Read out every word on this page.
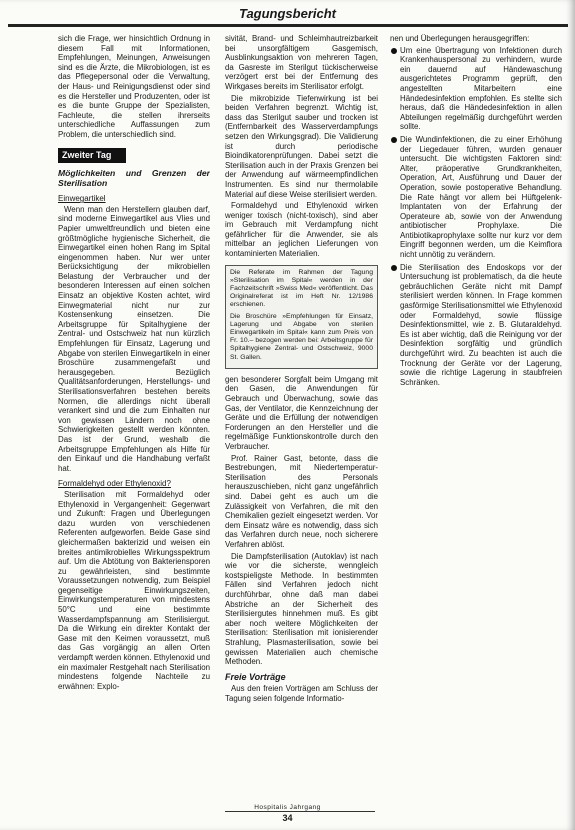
Tagungsbericht

sich die Frage, wer hinsichtlich Ordnung in diesem Fall mit Informationen, Empfehlungen, Meinungen, Anweisungen sind es die Ärzte, die Mikrobiologen, ist es das Pflegepersonal oder die Verwaltung, der Haus- und Reinigungsdienst oder sind es die Hersteller und Produzenten, oder ist es die bunte Gruppe der Spezialisten, Fachleute, die stellen ihrerseits unterschiedliche Auffassungen zum Problem, die unterschiedlich sind.

Zweiter Tag
Möglichkeiten und Grenzen der Sterilisation
Einwegartikel

Wenn man den Herstellern glauben darf, sind moderne Einwegartikel aus Vlies und Papier umweltfreundlich und bieten eine größtmögliche hygienische Sicherheit, die Einwegartikel einen hohen Rang im Spital eingenommen haben. Nur wer unter Berücksichtigung der mikrobiellen Belastung der Verbraucher und der besonderen Interessen auf einen solchen Einsatz an objektive Kosten achtet, wird Einwegmaterial nicht nur zur Kostensenkung einsetzen. Die Arbeitsgruppe für Spitalhygiene der Zentral- und Ostschweiz hat nun kürzlich Empfehlungen für Einsatz, Lagerung und Abgabe von sterilen Einwegartikeln in einer Broschüre zusammengefaßt und herausgegeben. Bezüglich Qualitätsanforderungen, Herstellungs- und Sterilisationsverfahren bestehen bereits Normen, die allerdings nicht überall verankert sind und die zum Einhalten nur von gewissen Ländern noch ohne Schwierigkeiten gestellt werden könnten. Das ist der Grund, weshalb die Arbeitsgruppe Empfehlungen als Hilfe für den Einkauf und die Handhabung verfaßt hat.

Formaldehyd oder Ethylenoxid?

Sterilisation mit Formaldehyd oder Ethylenoxid in Vergangenheit: Gegenwart und Zukunft: Fragen und Überlegungen dazu wurden von verschiedenen Referenten aufgeworfen. Beide Gase sind gleichermaßen bakterizid und weisen ein breites antimikrobielles Wirkungsspektrum auf. Um die Abtötung von Bakteriensporen zu gewährleisten, sind bestimmte Voraussetzungen notwendig, zum Beispiel gegenseitige Einwirkungszeiten, Einwirkungstemperaturen von mindestens 50°C und eine bestimmte Wasserdampfspannung am Sterilisiergut. Da die Wirkung ein direkter Kontakt der Gase mit den Keimen voraussetzt, muß das Gas vorgängig an allen Orten verdampft werden können. Ethylenoxid und ein maximaler Restgehalt nach Sterilisation mindestens folgende Nachteile zu erwähnen: Explo-

sivität, Brand- und Schleimhautreizbarkeit bei unsorgfältigem Gasgemisch, Ausblinkungsaktion von mehreren Tagen, da Gasreste im Sterilgut tückischerweise verzögert erst bei der Entfernung des Wirkgases bereits im Sterilisator erfolgt.

Die mikrobizide Tiefenwirkung ist bei beiden Verfahren begrenzt. Wichtig ist, dass das Sterilgut sauber und trocken ist (Entfernbarkeit des Wasserverdampfungs setzen den Wirkungsgrad). Die Validierung ist durch periodische Bioindikatorenprüfungen. Dabei setzt die Sterilisation auch in der Praxis Grenzen bei der Anwendung auf wärmeempfindlichen Instrumenten. Es sind nur thermolabile Material auf diese Weise sterilisiert werden.

Formaldehyd und Ethylenoxid wirken weniger toxisch (nicht-toxisch), sind aber im Gebrauch mit Verdampfung nicht gefährlicher für die Anwender, sie als mittelbar an jeglichen Lieferungen von kontaminierten Materialien.

Die Referate im Rahmen der Tagung »Sterilisation im Spital« werden in der Fachzeitschrift »Swiss Med« veröffentlicht. Das Originalreferat ist im Heft Nr. 12/1986 erschienen.

Die Broschüre »Empfehlungen für Einsatz, Lagerung und Abgabe von sterilen Einwegartikeln im Spital« kann zum Preis von Fr. 10.– bezogen werden bei: Arbeitsgruppe für Spitalhygiene Zentral- und Ostschweiz, 9000 St. Gallen.

gen besonderer Sorgfalt beim Umgang mit den Gasen, die Anwendungen für Gebrauch und Überwachung, sowie das Gas, der Ventilator, die Kennzeichnung der Geräte und die Erfüllung der notwendigen Forderungen an den Hersteller und die regelmäßige Funktionskontrolle durch den Verbraucher.

Prof. Rainer Gast, betonte, dass die Bestrebungen, mit Niedertemperatur-Sterilisation des Personals herauszuschieben, nicht ganz ungefährlich sind. Dabei geht es auch um die Zulässigkeit von Verfahren, die mit den Chemikalien gezielt eingesetzt werden. Vor dem Einsatz wäre es notwendig, dass sich das Verfahren durch neue, noch sicherere Verfahren ablöst.

Die Dampfsterilisation (Autoklav) ist nach wie vor die sicherste, wenngleich kostspieligste Methode. In bestimmten Fällen sind Verfahren jedoch nicht durchführbar, ohne daß man dabei Abstriche an der Sicherheit des Sterilisiergutes hinnehmen muß. Es gibt aber noch weitere Möglichkeiten der Sterilisation: Sterilisation mit ionisierender Strahlung, Plasmasterilisation, sowie bei gewissen Materialien auch chemische Methoden.

Freie Vorträge

Aus den freien Vorträgen am Schluss der Tagung seien folgende Informatio-

nen und Überlegungen herausgegriffen:

Um eine Übertragung von Infektionen durch Krankenhauspersonal zu verhindern, wurde ein dauernd auf Händewaschung ausgerichtetes Programm geprüft, den angestellten Mitarbeitern eine Händedesinfektion empfohlen. Es stellte sich heraus, daß die Händedesinfektion in allen Abteilungen regelmäßig durchgeführt werden sollte.
Die Wundinfektionen, die zu einer Erhöhung der Liegedauer führen, wurden genauer untersucht. Die wichtigsten Faktoren sind: Alter, präoperative Grundkrankheiten, Operation, Art, Ausführung und Dauer der Operation, sowie postoperative Behandlung. Die Rate hängt vor allem bei Hüftgelenk-Implantaten von der Erfahrung der Operateure ab, sowie von der Anwendung antibiotischer Prophylaxe. Die Antibiotikaprophylaxe sollte nur kurz vor dem Eingriff begonnen werden, um die Keimflora nicht unnötig zu verändern.
Die Sterilisation des Endoskops vor der Untersuchung ist problematisch, da die heute gebräuchlichen Geräte nicht mit Dampf sterilisiert werden können. In Frage kommen gasförmige Sterilisationsmittel wie Ethylenoxid oder Formaldehyd, sowie flüssige Desinfektionsmittel, wie z. B. Glutaraldehyd. Es ist aber wichtig, daß die Reinigung vor der Desinfektion sorgfältig und gründlich durchgeführt wird. Zu beachten ist auch die Trocknung der Geräte vor der Lagerung, sowie die richtige Lagerung in staubfreien Schränken.
Hospitalis Jahrgang
34
